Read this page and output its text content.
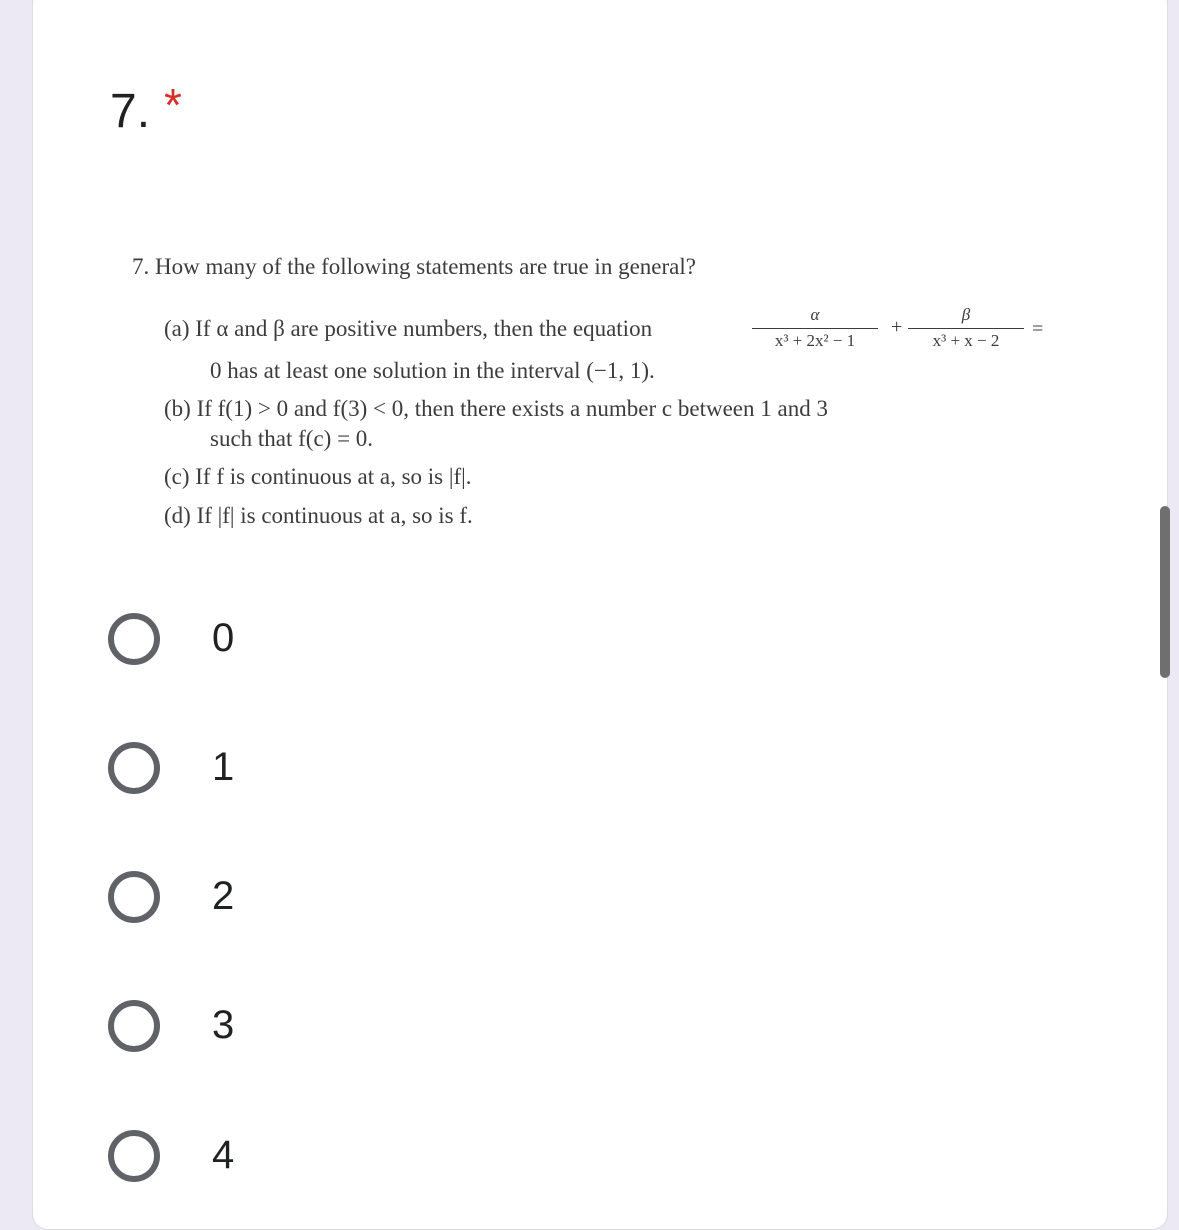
7. *
7. How many of the following statements are true in general?
(a) If α and β are positive numbers, then the equation
α
x³ + 2x² − 1
+
β
x³ + x − 2
=
0 has at least one solution in the interval (−1, 1).
(b) If f(1) > 0 and f(3) < 0, then there exists a number c between 1 and 3
such that f(c) = 0.
(c) If f is continuous at a, so is |f|.
(d) If |f| is continuous at a, so is f.
0
1
2
3
4
